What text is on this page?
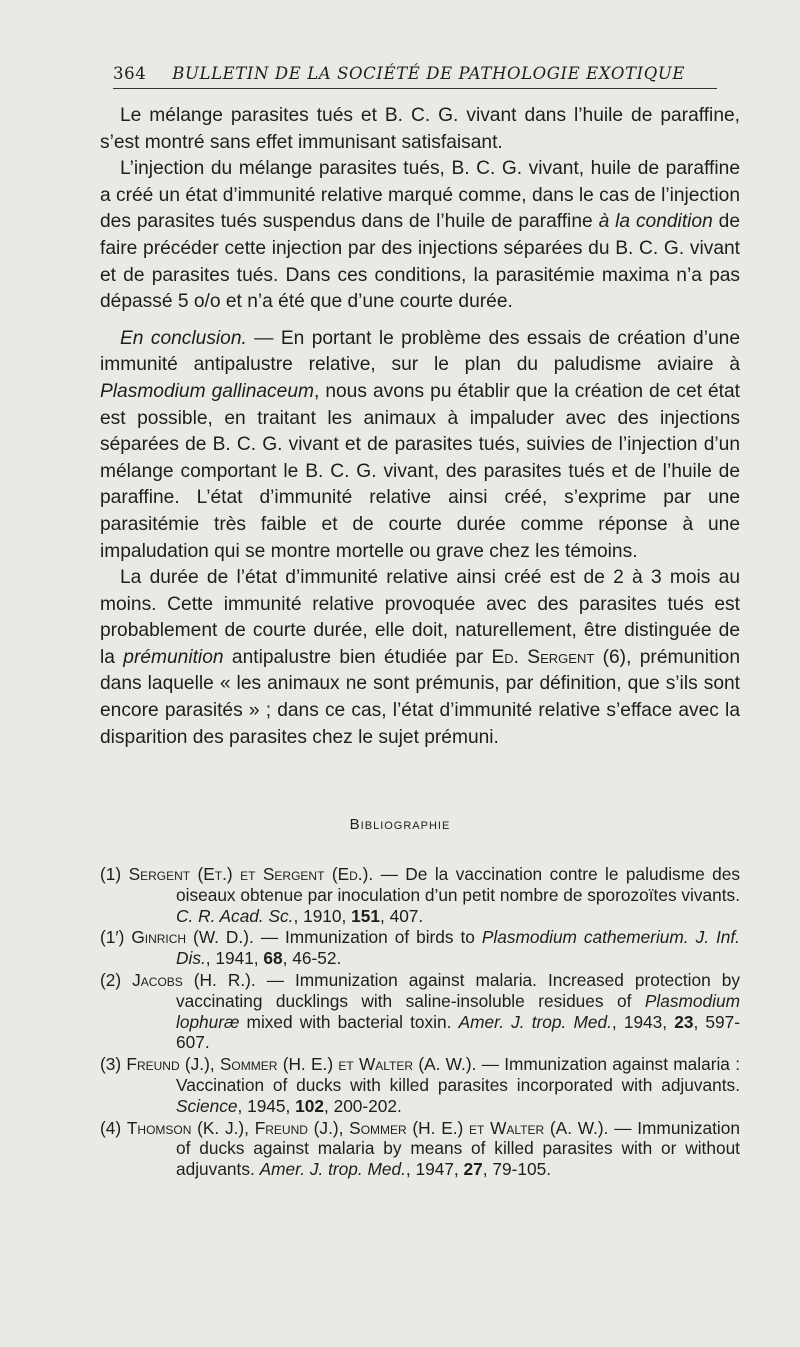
364 BULLETIN DE LA SOCIÉTÉ DE PATHOLOGIE EXOTIQUE

Le mélange parasites tués et B. C. G. vivant dans l’huile de paraffine, s’est montré sans effet immunisant satisfaisant.

L’injection du mélange parasites tués, B. C. G. vivant, huile de paraffine a créé un état d’immunité relative marqué comme, dans le cas de l’injection des parasites tués suspendus dans de l’huile de paraffine à la condition de faire précéder cette injection par des injections séparées du B. C. G. vivant et de parasites tués. Dans ces conditions, la parasitémie maxima n’a pas dépassé 5 o/o et n’a été que d’une courte durée.

En conclusion. — En portant le problème des essais de création d’une immunité antipalustre relative, sur le plan du paludisme aviaire à Plasmodium gallinaceum, nous avons pu établir que la création de cet état est possible, en traitant les animaux à impaluder avec des injections séparées de B. C. G. vivant et de parasites tués, suivies de l’injection d’un mélange comportant le B. C. G. vivant, des parasites tués et de l’huile de paraffine. L’état d’immunité relative ainsi créé, s’exprime par une parasitémie très faible et de courte durée comme réponse à une impaludation qui se montre mortelle ou grave chez les témoins.

La durée de l’état d’immunité relative ainsi créé est de 2 à 3 mois au moins. Cette immunité relative provoquée avec des parasites tués est probablement de courte durée, elle doit, naturellement, être distinguée de la prémunition antipalustre bien étudiée par Ed. Sergent (6), prémunition dans laquelle « les animaux ne sont prémunis, par définition, que s’ils sont encore parasités » ; dans ce cas, l’état d’immunité relative s’efface avec la disparition des parasites chez le sujet prémuni.

Bibliographie
(1) Sergent (Et.) et Sergent (Ed.). — De la vaccination contre le paludisme des oiseaux obtenue par inoculation d’un petit nombre de sporozoïtes vivants. C. R. Acad. Sc., 1910, 151, 407.
(1′) Ginrich (W. D.). — Immunization of birds to Plasmodium cathemerium. J. Inf. Dis., 1941, 68, 46-52.
(2) Jacobs (H. R.). — Immunization against malaria. Increased protection by vaccinating ducklings with saline-insoluble residues of Plasmodium lophuræ mixed with bacterial toxin. Amer. J. trop. Med., 1943, 23, 597-607.
(3) Freund (J.), Sommer (H. E.) et Walter (A. W.). — Immunization against malaria : Vaccination of ducks with killed parasites incorporated with adjuvants. Science, 1945, 102, 200-202.
(4) Thomson (K. J.), Freund (J.), Sommer (H. E.) et Walter (A. W.). — Immunization of ducks against malaria by means of killed parasites with or without adjuvants. Amer. J. trop. Med., 1947, 27, 79-105.
